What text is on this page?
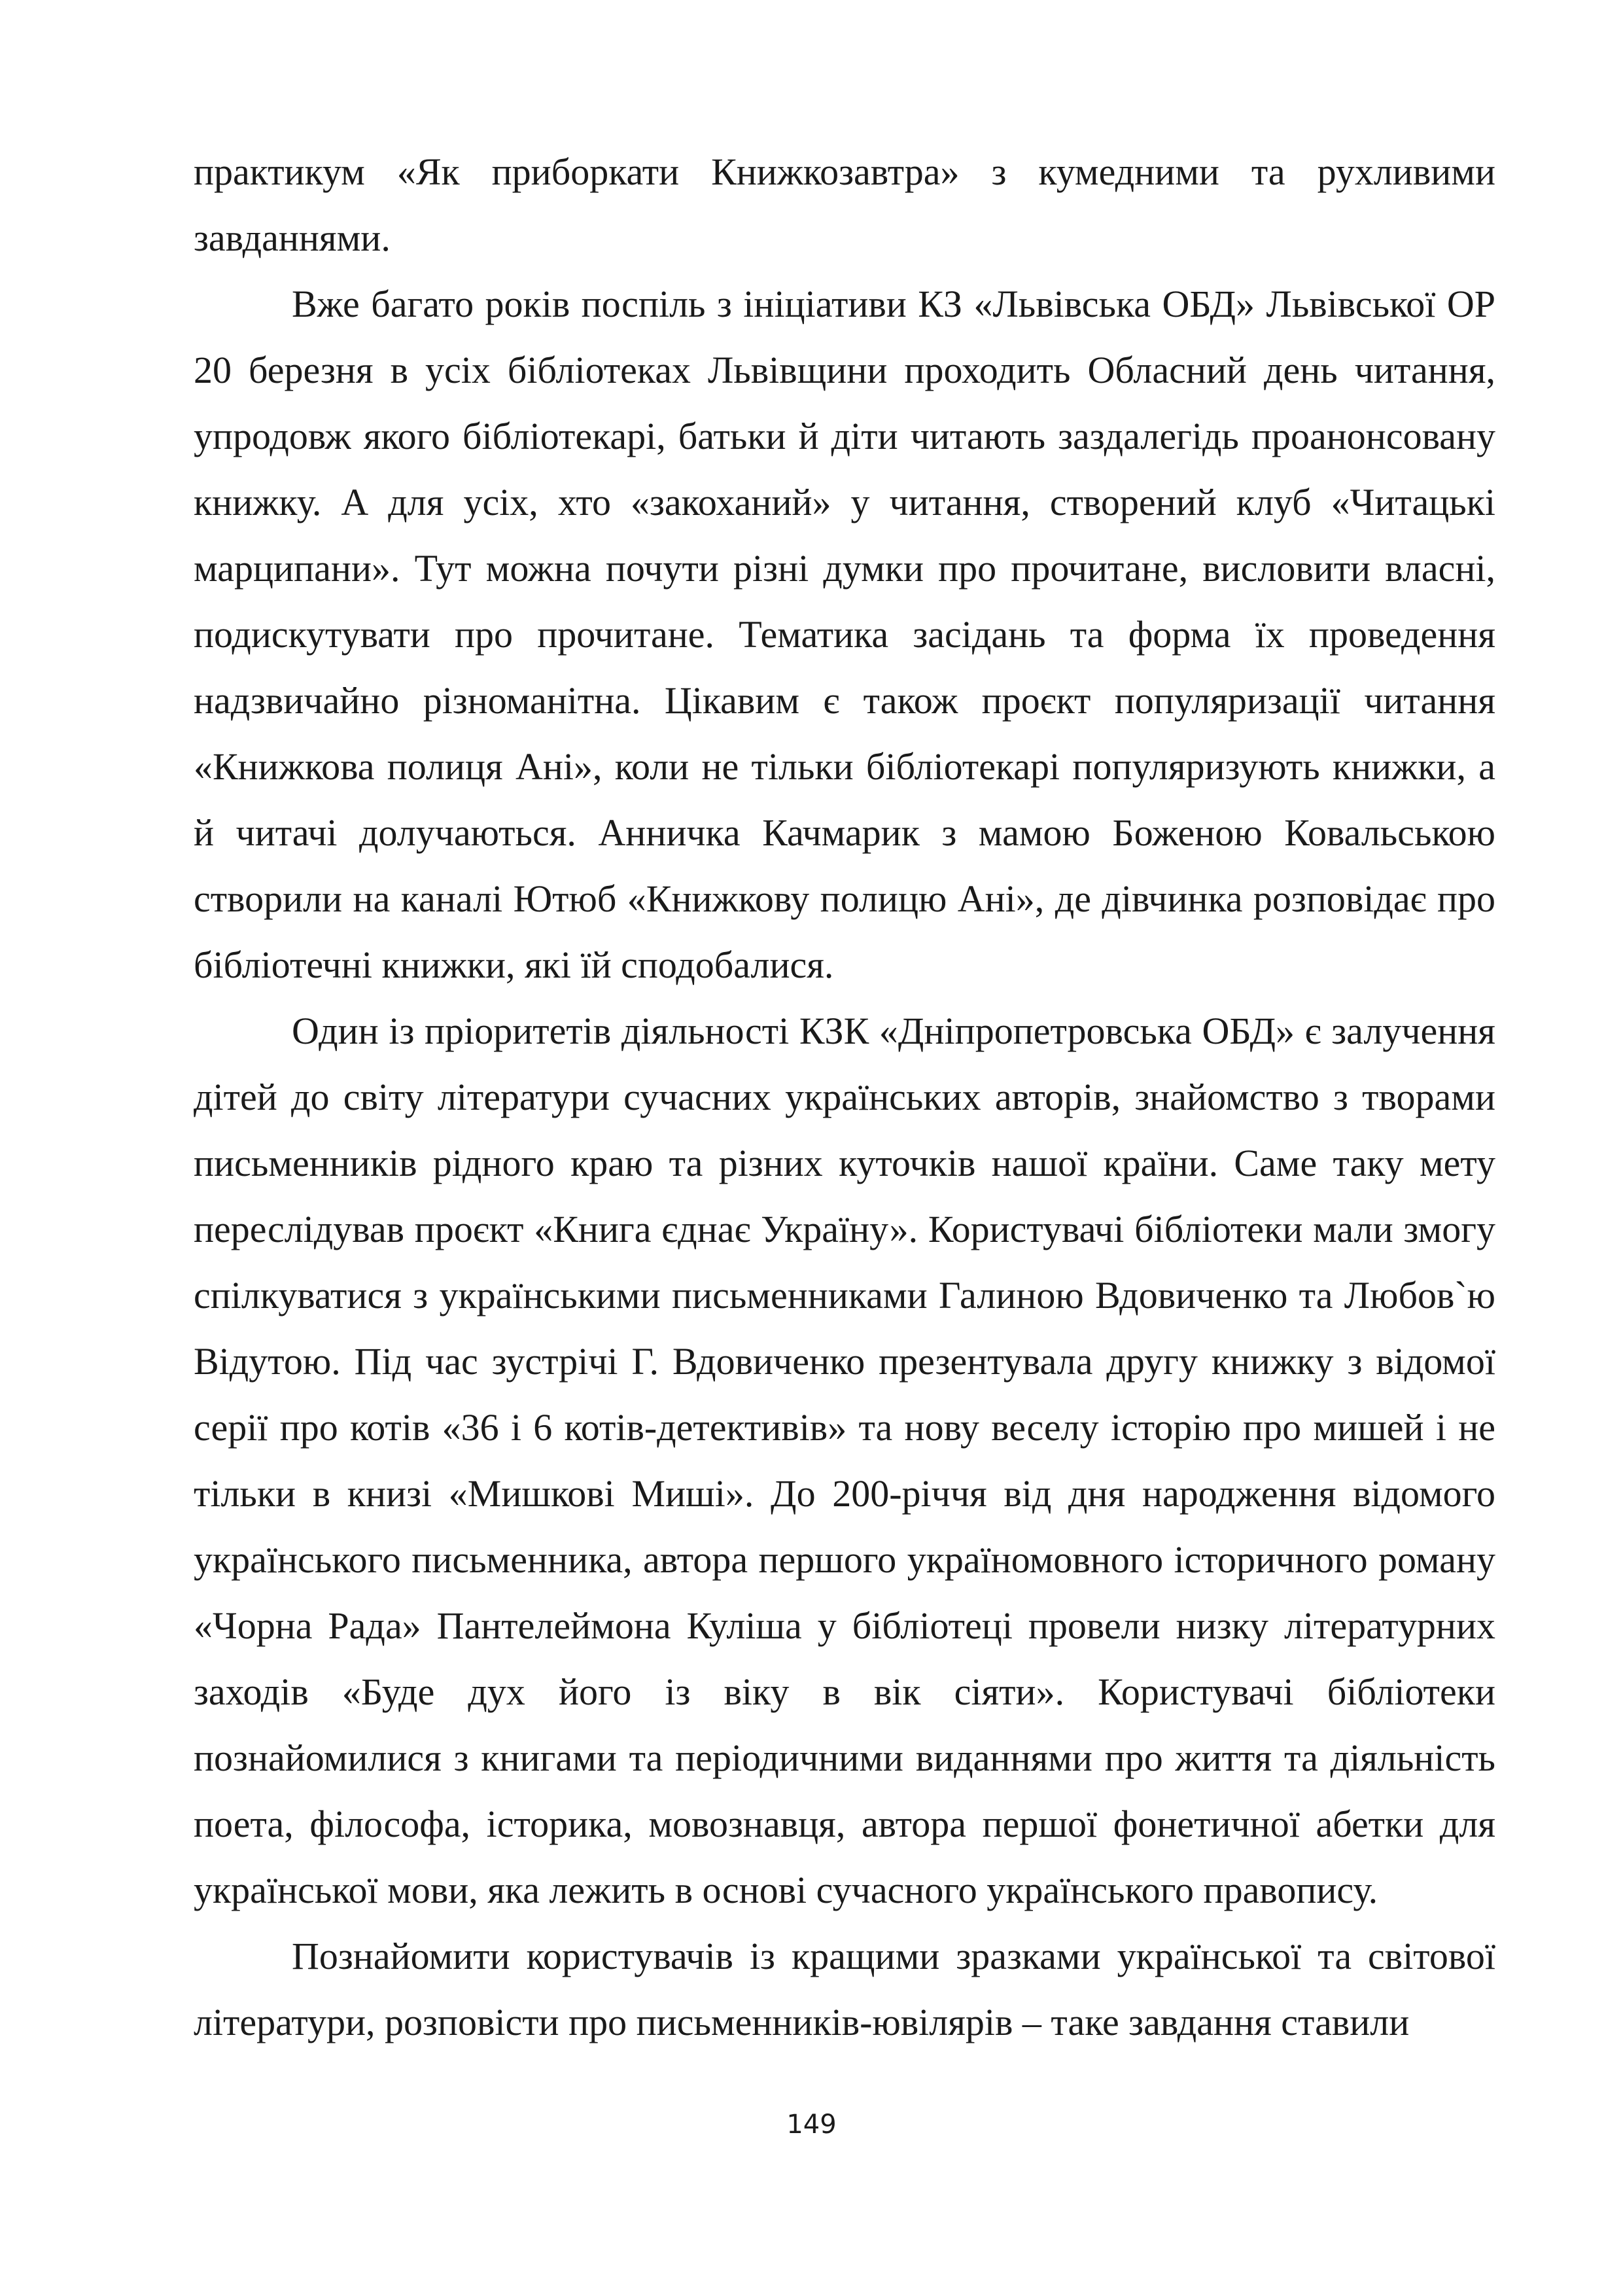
практикум «Як приборкати Книжкозавтра» з кумедними та рухливими завданнями.

Вже багато років поспіль з ініціативи КЗ «Львівська ОБД» Львівської ОР 20 березня в усіх бібліотеках Львівщини проходить Обласний день читання, упродовж якого бібліотекарі, батьки й діти читають заздалегідь проанонсовану книжку. А для усіх, хто «закоханий» у читання, створений клуб «Читацькі марципани». Тут можна почути різні думки про прочитане, висловити власні, подискутувати про прочитане. Тематика засідань та форма їх проведення надзвичайно різноманітна. Цікавим є також проєкт популяризації читання «Книжкова полиця Ані», коли не тільки бібліотекарі популяризують книжки, а й читачі долучаються. Анничка Качмарик з мамою Боженою Ковальською створили на каналі Ютюб «Книжкову полицю Ані», де дівчинка розповідає про бібліотечні книжки, які їй сподобалися.

Один із пріоритетів діяльності КЗК «Дніпропетровська ОБД» є залучення дітей до світу літератури сучасних українських авторів, знайомство з творами письменників рідного краю та різних куточків нашої країни. Саме таку мету переслідував проєкт «Книга єднає Україну». Користувачі бібліотеки мали змогу спілкуватися з українськими письменниками Галиною Вдовиченко та Любов`ю Відутою. Під час зустрічі Г. Вдовиченко презентувала другу книжку з відомої серії про котів «36 і 6 котів-детективів» та нову веселу історію про мишей і не тільки в книзі «Мишкові Миші». До 200-річчя від дня народження відомого українського письменника, автора першого україномовного історичного роману «Чорна Рада» Пантелеймона Куліша у бібліотеці провели низку літературних заходів «Буде дух його із віку в вік сіяти». Користувачі бібліотеки познайомилися з книгами та періодичними виданнями про життя та діяльність поета, філософа, історика, мовознавця, автора першої фонетичної абетки для української мови, яка лежить в основі сучасного українського правопису.

Познайомити користувачів із кращими зразками української та світової літератури, розповісти про письменників-ювілярів – таке завдання ставили

149
